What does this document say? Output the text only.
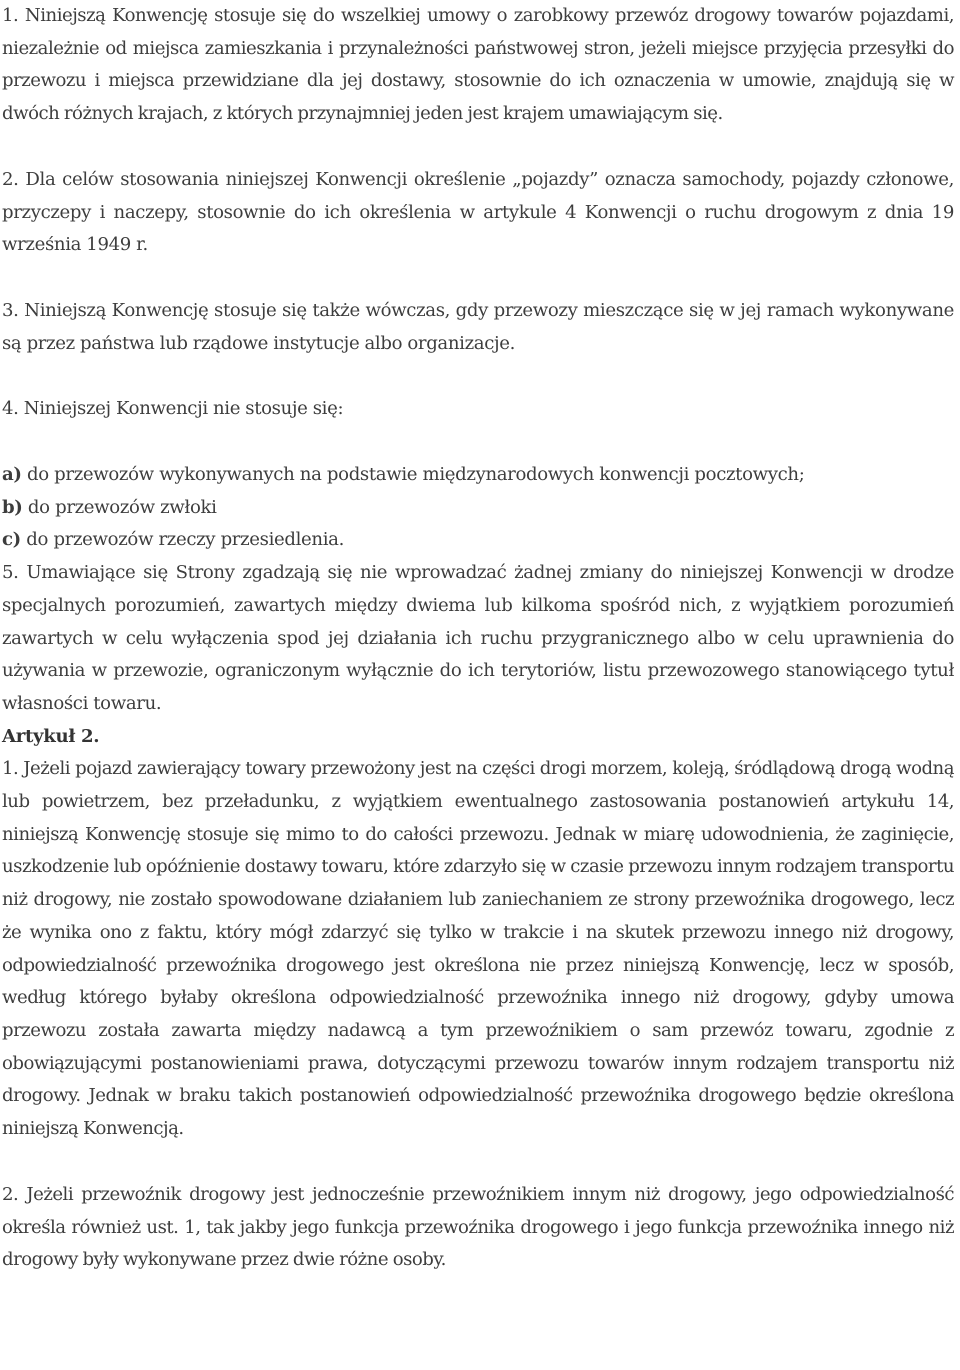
1. Niniejszą Konwencję stosuje się do wszelkiej umowy o zarobkowy przewóz drogowy towarów pojazdami, niezależnie od miejsca zamieszkania i przynależności państwowej stron, jeżeli miejsce przyjęcia przesyłki do przewozu i miejsca przewidziane dla jej dostawy, stosownie do ich oznaczenia w umowie, znajdują się w dwóch różnych krajach, z których przynajmniej jeden jest krajem umawiającym się.

2. Dla celów stosowania niniejszej Konwencji określenie „pojazdy” oznacza samochody, pojazdy członowe, przyczepy i naczepy, stosownie do ich określenia w artykule 4 Konwencji o ruchu drogowym z dnia 19 września 1949 r.

3. Niniejszą Konwencję stosuje się także wówczas, gdy przewozy mieszczące się w jej ramach wykonywane są przez państwa lub rządowe instytucje albo organizacje.

4. Niniejszej Konwencji nie stosuje się:

a) do przewozów wykonywanych na podstawie międzynarodowych konwencji pocztowych;

b) do przewozów zwłoki

c) do przewozów rzeczy przesiedlenia.

5. Umawiające się Strony zgadzają się nie wprowadzać żadnej zmiany do niniejszej Konwencji w drodze specjalnych porozumień, zawartych między dwiema lub kilkoma spośród nich, z wyjątkiem porozumień zawartych w celu wyłączenia spod jej działania ich ruchu przygranicznego albo w celu uprawnienia do używania w przewozie, ograniczonym wyłącznie do ich terytoriów, listu przewozowego stanowiącego tytuł własności towaru.

Artykuł 2.

1. Jeżeli pojazd zawierający towary przewożony jest na części drogi morzem, koleją, śródlądową drogą wodną lub powietrzem, bez przeładunku, z wyjątkiem ewentualnego zastosowania postanowień artykułu 14, niniejszą Konwencję stosuje się mimo to do całości przewozu. Jednak w miarę udowodnienia, że zaginięcie, uszkodzenie lub opóźnienie dostawy towaru, które zdarzyło się w czasie przewozu innym rodzajem transportu niż drogowy, nie zostało spowodowane działaniem lub zaniechaniem ze strony przewoźnika drogowego, lecz że wynika ono z faktu, który mógł zdarzyć się tylko w trakcie i na skutek przewozu innego niż drogowy, odpowiedzialność przewoźnika drogowego jest określona nie przez niniejszą Konwencję, lecz w sposób, według którego byłaby określona odpowiedzialność przewoźnika innego niż drogowy, gdyby umowa przewozu została zawarta między nadawcą a tym przewoźnikiem o sam przewóz towaru, zgodnie z obowiązującymi postanowieniami prawa, dotyczącymi przewozu towarów innym rodzajem transportu niż drogowy. Jednak w braku takich postanowień odpowiedzialność przewoźnika drogowego będzie określona niniejszą Konwencją.

2. Jeżeli przewoźnik drogowy jest jednocześnie przewoźnikiem innym niż drogowy, jego odpowiedzialność określa również ust. 1, tak jakby jego funkcja przewoźnika drogowego i jego funkcja przewoźnika innego niż drogowy były wykonywane przez dwie różne osoby.
